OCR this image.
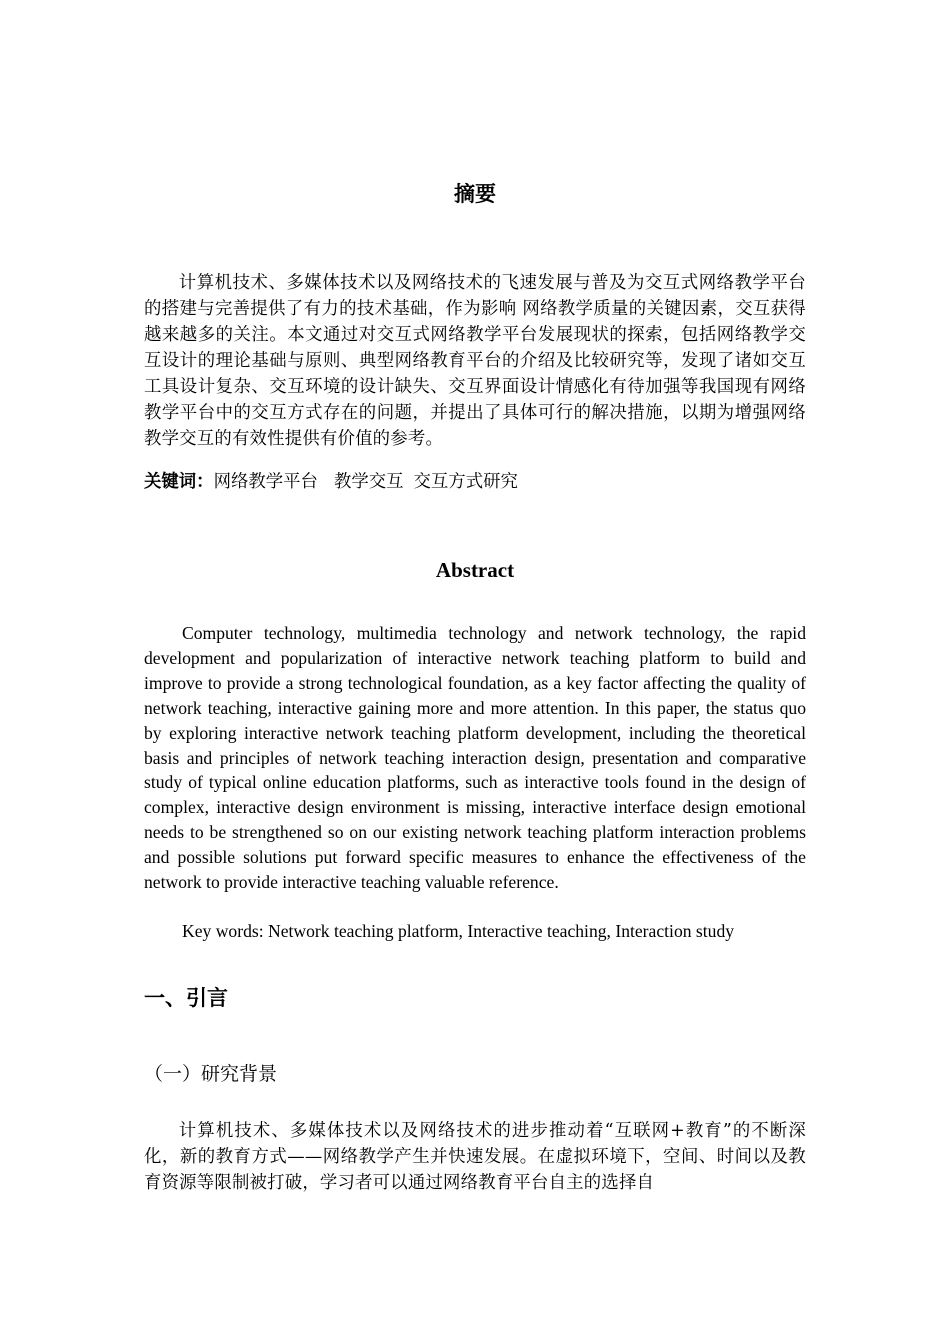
摘要

计算机技术、多媒体技术以及网络技术的飞速发展与普及为交互式网络教学平台的搭建与完善提供了有力的技术基础，作为影响 网络教学质量的关键因素，交互获得越来越多的关注。本文通过对交互式网络教学平台发展现状的探索，包括网络教学交互设计的理论基础与原则、典型网络教育平台的介绍及比较研究等，发现了诸如交互工具设计复杂、交互环境的设计缺失、交互界面设计情感化有待加强等我国现有网络教学平台中的交互方式存在的问题，并提出了具体可行的解决措施，以期为增强网络教学交互的有效性提供有价值的参考。

关键词：网络教学平台 教学交互 交互方式研究

Abstract

Computer technology, multimedia technology and network technology, the rapid development and popularization of interactive network teaching platform to build and improve to provide a strong technological foundation, as a key factor affecting the quality of network teaching, interactive gaining more and more attention. In this paper, the status quo by exploring interactive network teaching platform development, including the theoretical basis and principles of network teaching interaction design, presentation and comparative study of typical online education platforms, such as interactive tools found in the design of complex, interactive design environment is missing, interactive interface design emotional needs to be strengthened so on our existing network teaching platform interaction problems and possible solutions put forward specific measures to enhance the effectiveness of the network to provide interactive teaching valuable reference.

Key words: Network teaching platform, Interactive teaching, Interaction study

一、引言
（一）研究背景

计算机技术、多媒体技术以及网络技术的进步推动着“互联网+教育”的不断深化，新的教育方式——网络教学产生并快速发展。在虚拟环境下，空间、时间以及教育资源等限制被打破，学习者可以通过网络教育平台自主的选择自
